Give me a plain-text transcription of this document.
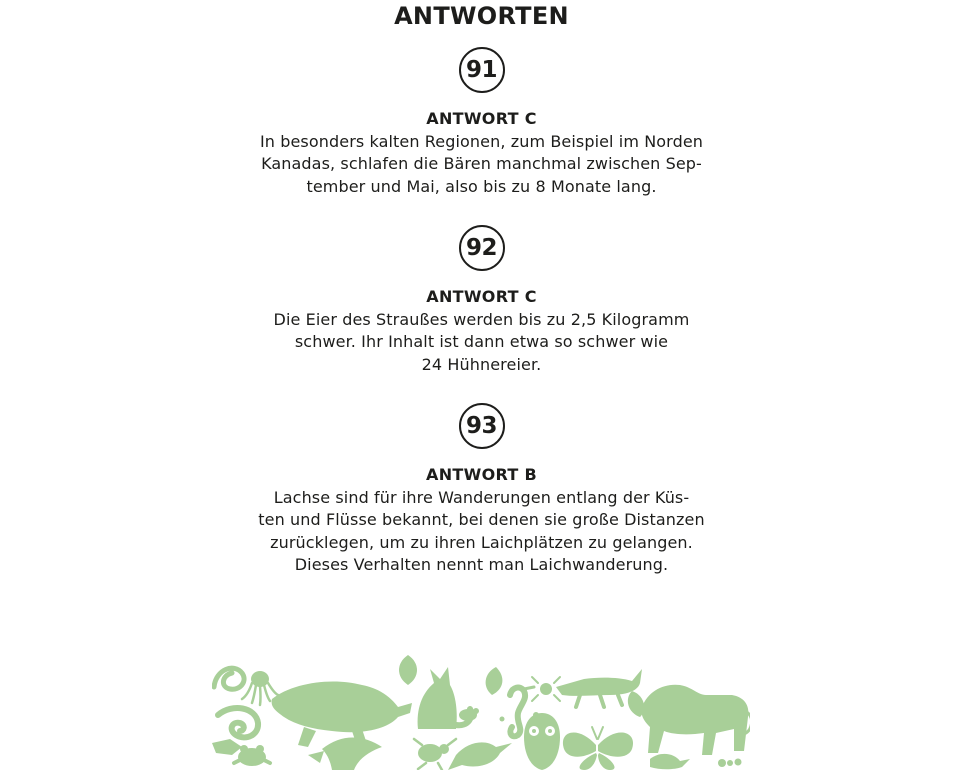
ANTWORTEN
91
ANTWORT C
In besonders kalten Regionen, zum Beispiel im Norden
Kanadas, schlafen die Bären manchmal zwischen Sep-
tember und Mai, also bis zu 8 Monate lang.
92
ANTWORT C
Die Eier des Straußes werden bis zu 2,5 Kilogramm
schwer. Ihr Inhalt ist dann etwa so schwer wie
24 Hühnereier.
93
ANTWORT B
Lachse sind für ihre Wanderungen entlang der Küs-
ten und Flüsse bekannt, bei denen sie große Distanzen
zurücklegen, um zu ihren Laichplätzen zu gelangen.
Dieses Verhalten nennt man Laichwanderung.
